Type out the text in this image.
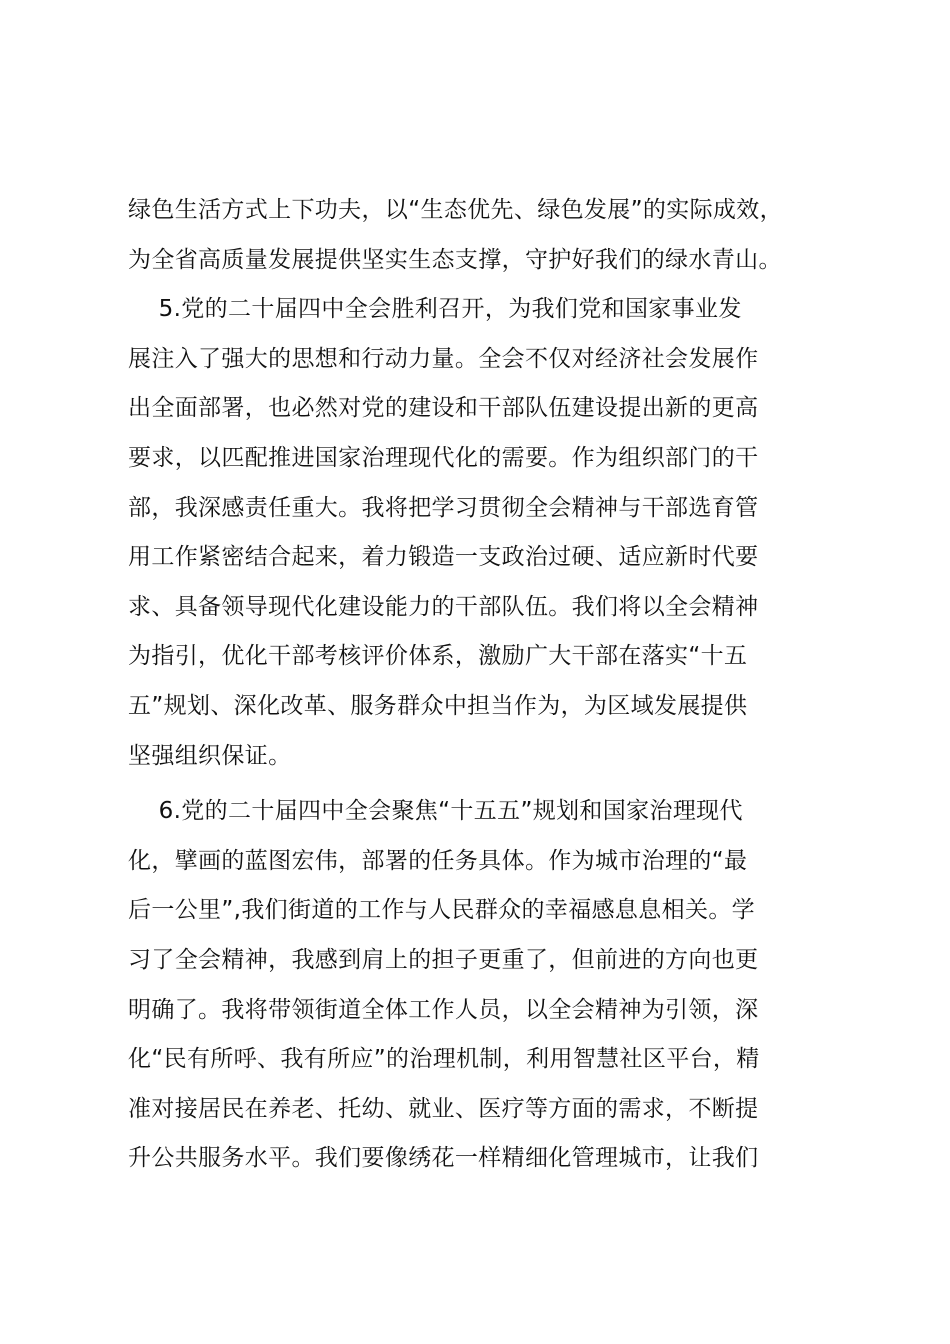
绿色生活方式上下功夫，以“生态优先、绿色发展”的实际成效，
为全省高质量发展提供坚实生态支撑，守护好我们的绿水青山。
5.党的二十届四中全会胜利召开，为我们党和国家事业发
展注入了强大的思想和行动力量。全会不仅对经济社会发展作
出全面部署，也必然对党的建设和干部队伍建设提出新的更高
要求，以匹配推进国家治理现代化的需要。作为组织部门的干
部，我深感责任重大。我将把学习贯彻全会精神与干部选育管
用工作紧密结合起来，着力锻造一支政治过硬、适应新时代要
求、具备领导现代化建设能力的干部队伍。我们将以全会精神
为指引，优化干部考核评价体系，激励广大干部在落实“十五
五”规划、深化改革、服务群众中担当作为，为区域发展提供
坚强组织保证。
6.党的二十届四中全会聚焦“十五五”规划和国家治理现代
化，擘画的蓝图宏伟，部署的任务具体。作为城市治理的“最
后一公里”,我们街道的工作与人民群众的幸福感息息相关。学
习了全会精神，我感到肩上的担子更重了，但前进的方向也更
明确了。我将带领街道全体工作人员，以全会精神为引领，深
化“民有所呼、我有所应”的治理机制，利用智慧社区平台，精
准对接居民在养老、托幼、就业、医疗等方面的需求，不断提
升公共服务水平。我们要像绣花一样精细化管理城市，让我们
